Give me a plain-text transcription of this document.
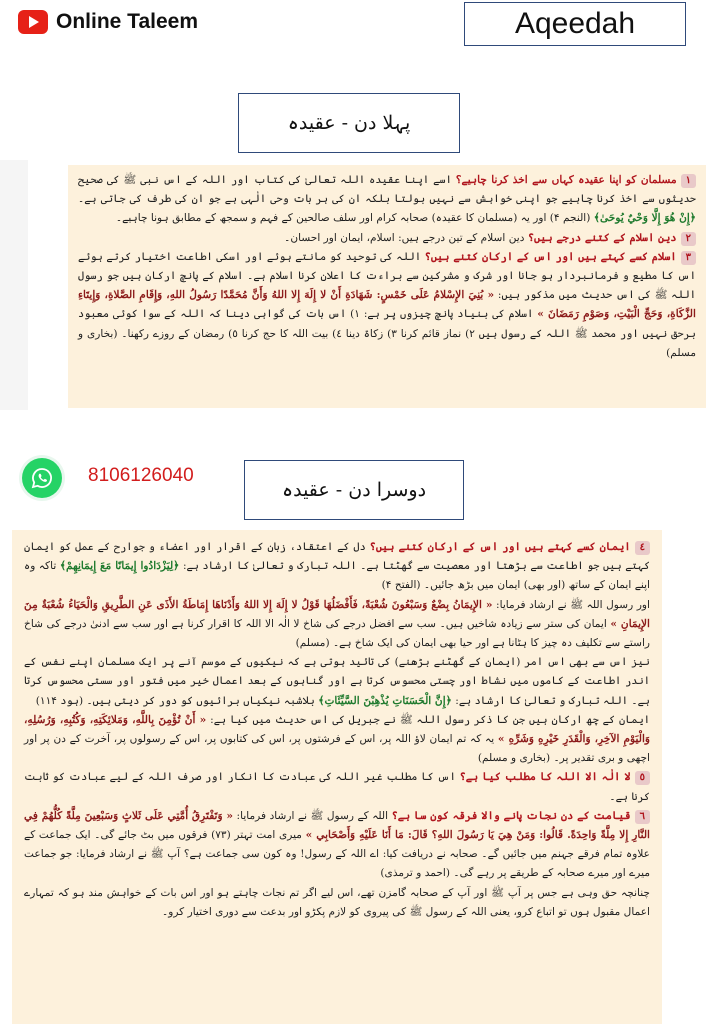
Online Taleem	Aqeedah
پہلا دن - عقیدہ

١مسلمان کو اپنا عقیدہ کہاں سے اخذ کرنا چاہیے؟ اسے اپنا عقیدہ اللہ تعالیٰ کی کتاب اور اللہ کے اس نبی ﷺ کی صحیح حدیثوں سے اخذ کرنا چاہیے جو اپنی خواہش سے نہیں بولتا بلکہ ان کی ہر بات وحی الٰہی ہے جو ان کی طرف کی جاتی ہے۔ ﴿إِنْ هُوَ إِلَّا وَحْيٌ يُوحَىٰ﴾ (النجم ۴) اور یہ (مسلمان کا عقیدہ) صحابہ کرام اور سلف صالحین کے فہم و سمجھ کے مطابق ہونا چاہیے۔

٢دین اسلام کے کتنے درجے ہیں؟ دین اسلام کے تین درجے ہیں: اسلام، ایمان اور احسان۔

٣اسلام کسے کہتے ہیں اور اس کے ارکان کتنے ہیں؟ اللہ کی توحید کو مانتے ہوئے اور اسکی اطاعت اختیار کرتے ہوئے اس کا مطیع و فرمانبردار ہو جانا اور شرک و مشرکین سے براءت کا اعلان کرنا اسلام ہے۔ اسلام کے پانچ ارکان ہیں جو رسول اللہ ﷺ کی اس حدیث میں مذکور ہیں: « بُنِيَ الإِسْلامُ عَلَى خَمْسٍ: شَهَادَةِ أَنْ لا إِلَهَ إِلا اللهُ وَأَنَّ مُحَمَّدًا رَسُولُ اللهِ، وَإِقَامِ الصَّلاةِ، وَإِيتَاءِ الزَّكَاةِ، وَحَجِّ الْبَيْتِ، وَصَوْمِ رَمَضَانَ » اسلام کی بنیاد پانچ چیزوں پر ہے: ١) اس بات کی گواہی دینا کہ اللہ کے سوا کوئی معبود برحق نہیں اور محمد ﷺ اللہ کے رسول ہیں ٢) نماز قائم کرنا ٣) زکاۃ دینا ٤) بیت اللہ کا حج کرنا ٥) رمضان کے روزے رکھنا۔ (بخاری و مسلم)

8106126040
دوسرا دن - عقیدہ

٤ایمان کسے کہتے ہیں اور اس کے ارکان کتنے ہیں؟ دل کے اعتقاد، زبان کے اقرار اور اعضاء و جوارح کے عمل کو ایمان کہتے ہیں جو اطاعت سے بڑھتا اور معصیت سے گھٹتا ہے۔ اللہ تبارک و تعالیٰ کا ارشاد ہے: ﴿لِيَزْدَادُوا إِيمَانًا مَعَ إِيمَانِهِمْ﴾ تاکہ وہ اپنے ایمان کے ساتھ (اور بھی) ایمان میں بڑھ جائیں۔ (الفتح ۴)

اور رسول اللہ ﷺ نے ارشاد فرمایا: « الإِيمَانُ بِضْعٌ وَسَبْعُونَ شُعْبَةً، فَأَفْضَلُهَا قَوْلُ لا إِلَهَ إِلا اللهُ وَأَدْنَاهَا إِمَاطَةُ الأَذَى عَنِ الطَّرِيقِ وَالْحَيَاءُ شُعْبَةٌ مِنَ الإِيمَانِ » ایمان کی ستر سے زیادہ شاخیں ہیں۔ سب سے افضل درجے کی شاخ لا الٰہ الا اللہ کا اقرار کرنا ہے اور سب سے ادنیٰ درجے کی شاخ راستے سے تکلیف دہ چیز کا ہٹانا ہے اور حیا بھی ایمان کی ایک شاخ ہے۔ (مسلم)

نیز اس سے بھی اس امر (ایمان کے گھٹنے بڑھنے) کی تائید ہوتی ہے کہ نیکیوں کے موسم آنے پر ایک مسلمان اپنے نفس کے اندر اطاعت کے کاموں میں نشاط اور چستی محسوس کرتا ہے اور گناہوں کے بعد اعمال خیر میں فتور اور سستی محسوس کرتا ہے۔ اللہ تبارک و تعالیٰ کا ارشاد ہے: ﴿إِنَّ الْحَسَنَاتِ يُذْهِبْنَ السَّيِّئَاتِ﴾ بلاشبہ نیکیاں برائیوں کو دور کر دیتی ہیں۔ (ہود ۱۱۴)

ایمان کے چھ ارکان ہیں جن کا ذکر رسول اللہ ﷺ نے جبریل کی اس حدیث میں کیا ہے: « أَنْ تُؤْمِنَ بِاللَّهِ، وَمَلائِكَتِهِ، وَكُتُبِهِ، وَرُسُلِهِ، وَالْيَوْمِ الآخِرِ، وَالْقَدَرِ خَيْرِهِ وَشَرِّهِ » یہ کہ تم ایمان لاؤ اللہ پر، اس کے فرشتوں پر، اس کی کتابوں پر، اس کے رسولوں پر، آخرت کے دن پر اور اچھی و بری تقدیر پر۔ (بخاری و مسلم)

٥لا الٰہ الا اللہ کا مطلب کیا ہے؟ اس کا مطلب غیر اللہ کی عبادت کا انکار اور صرف اللہ کے لیے عبادت کو ثابت کرنا ہے۔

٦قیامت کے دن نجات پانے والا فرقہ کون سا ہے؟ اللہ کے رسول ﷺ نے ارشاد فرمایا: « وَتَفْتَرِقُ أُمَّتِي عَلَى ثَلاثٍ وَسَبْعِينَ مِلَّةً كُلُّهُمْ فِي النَّارِ إِلا مِلَّةً وَاحِدَةً. قَالُوا: وَمَنْ هِيَ يَا رَسُولَ اللهِ؟ قَالَ: مَا أَنَا عَلَيْهِ وَأَصْحَابِي » میری امت تہتر (۷۳) فرقوں میں بٹ جائے گی۔ ایک جماعت کے علاوہ تمام فرقے جہنم میں جائیں گے۔ صحابہ نے دریافت کیا: اے اللہ کے رسول! وہ کون سی جماعت ہے؟ آپ ﷺ نے ارشاد فرمایا: جو جماعت میرے اور میرے صحابہ کے طریقے پر رہے گی۔ (احمد و ترمذی)

چنانچہ حق وہی ہے جس پر آپ ﷺ اور آپ کے صحابہ گامزن تھے، اس لیے اگر تم نجات چاہتے ہو اور اس بات کے خواہش مند ہو کہ تمہارے اعمال مقبول ہوں تو اتباع کرو، یعنی اللہ کے رسول ﷺ کی پیروی کو لازم پکڑو اور بدعت سے دوری اختیار کرو۔
